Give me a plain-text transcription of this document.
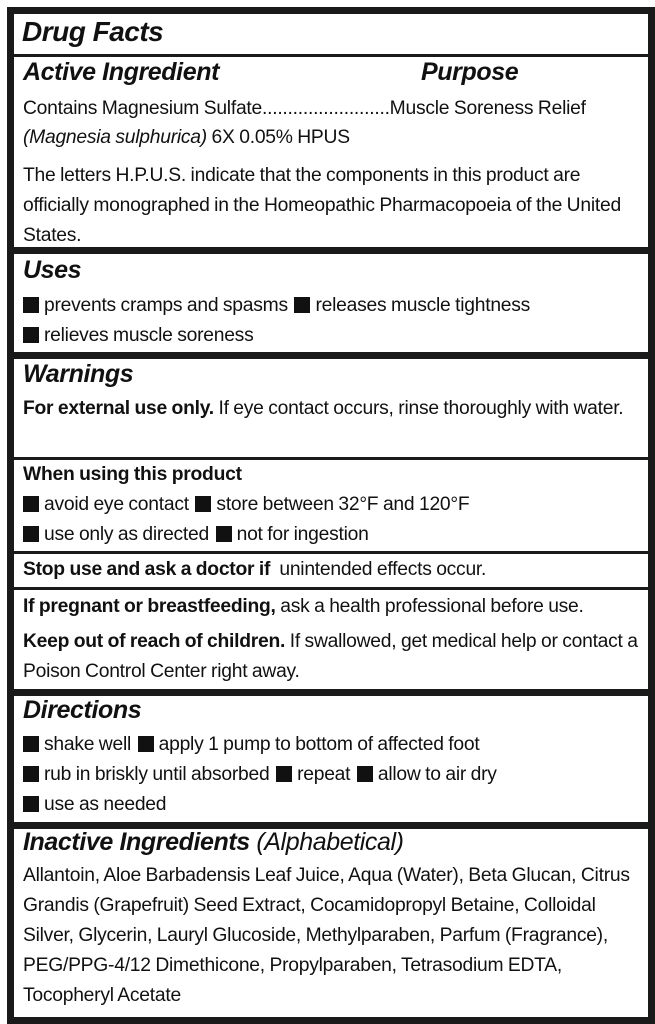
Drug Facts
Active Ingredient	Purpose
Contains Magnesium Sulfate.........................Muscle Soreness Relief
(Magnesia sulphurica) 6X 0.05% HPUS
The letters H.P.U.S. indicate that the components in this product are officially monographed in the Homeopathic Pharmacopoeia of the United States.
Uses
prevents cramps and spasms releases muscle tightness
relieves muscle soreness
Warnings
For external use only. If eye contact occurs, rinse thoroughly with water.
When using this product
avoid eye contact store between 32°F and 120°F
use only as directed not for ingestion
Stop use and ask a doctor if  unintended effects occur.
If pregnant or breastfeeding, ask a health professional before use.
Keep out of reach of children. If swallowed, get medical help or contact a Poison Control Center right away.
Directions
shake well apply 1 pump to bottom of affected foot
rub in briskly until absorbed repeat allow to air dry
use as needed
Inactive Ingredients (Alphabetical)
Allantoin, Aloe Barbadensis Leaf Juice, Aqua (Water), Beta Glucan, Citrus Grandis (Grapefruit) Seed Extract, Cocamidopropyl Betaine, Colloidal Silver, Glycerin, Lauryl Glucoside, Methylparaben, Parfum (Fragrance), PEG/PPG-4/12 Dimethicone, Propylparaben, Tetrasodium EDTA, Tocopheryl Acetate
